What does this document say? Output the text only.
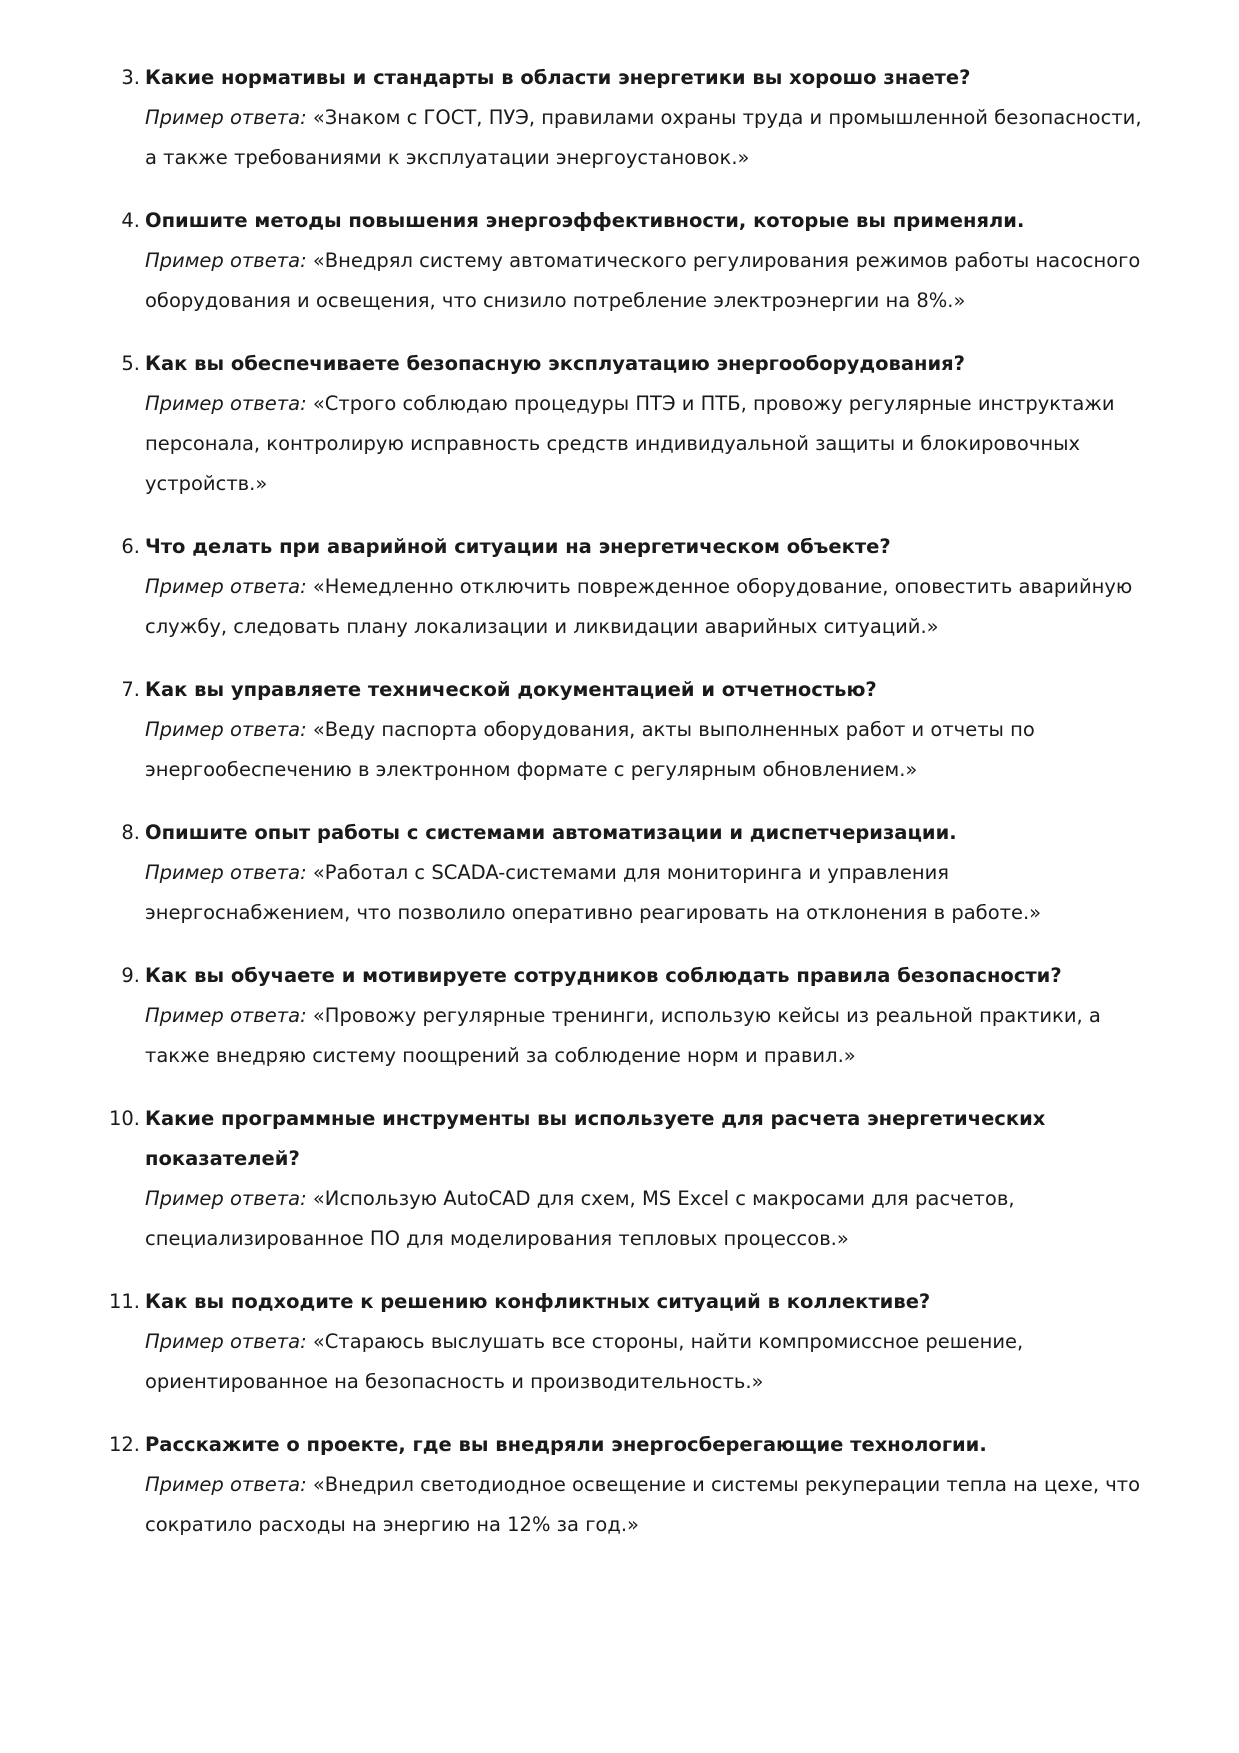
3. Какие нормативы и стандарты в области энергетики вы хорошо знаете?
Пример ответа: «Знаком с ГОСТ, ПУЭ, правилами охраны труда и промышленной безопасности, а также требованиями к эксплуатации энергоустановок.»
4. Опишите методы повышения энергоэффективности, которые вы применяли.
Пример ответа: «Внедрял систему автоматического регулирования режимов работы насосного оборудования и освещения, что снизило потребление электроэнергии на 8%.»
5. Как вы обеспечиваете безопасную эксплуатацию энергооборудования?
Пример ответа: «Строго соблюдаю процедуры ПТЭ и ПТБ, провожу регулярные инструктажи персонала, контролирую исправность средств индивидуальной защиты и блокировочных устройств.»
6. Что делать при аварийной ситуации на энергетическом объекте?
Пример ответа: «Немедленно отключить поврежденное оборудование, оповестить аварийную службу, следовать плану локализации и ликвидации аварийных ситуаций.»
7. Как вы управляете технической документацией и отчетностью?
Пример ответа: «Веду паспорта оборудования, акты выполненных работ и отчеты по энергообеспечению в электронном формате с регулярным обновлением.»
8. Опишите опыт работы с системами автоматизации и диспетчеризации.
Пример ответа: «Работал с SCADA-системами для мониторинга и управления энергоснабжением, что позволило оперативно реагировать на отклонения в работе.»
9. Как вы обучаете и мотивируете сотрудников соблюдать правила безопасности?
Пример ответа: «Провожу регулярные тренинги, использую кейсы из реальной практики, а также внедряю систему поощрений за соблюдение норм и правил.»
10. Какие программные инструменты вы используете для расчета энергетических показателей?
Пример ответа: «Использую AutoCAD для схем, MS Excel с макросами для расчетов, специализированное ПО для моделирования тепловых процессов.»
11. Как вы подходите к решению конфликтных ситуаций в коллективе?
Пример ответа: «Стараюсь выслушать все стороны, найти компромиссное решение, ориентированное на безопасность и производительность.»
12. Расскажите о проекте, где вы внедряли энергосберегающие технологии.
Пример ответа: «Внедрил светодиодное освещение и системы рекуперации тепла на цехе, что сократило расходы на энергию на 12% за год.»
